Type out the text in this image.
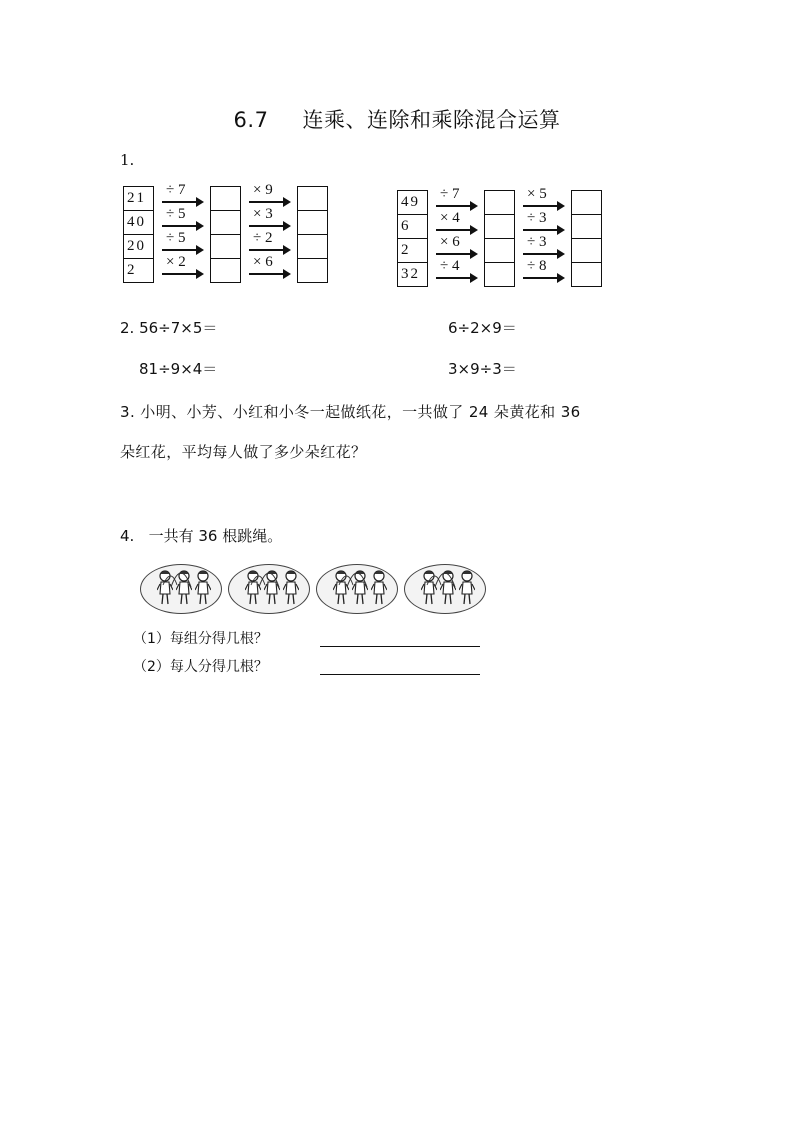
6.7 连乘、连除和乘除混合运算
1.
21	÷ 7	× 9
40	÷ 5	× 3
20	÷ 5	÷ 2
2	× 2	× 6
49	÷ 7	× 5
6	× 4	÷ 3
2	× 6	÷ 3
32	÷ 4	÷ 8
2. 56÷7×5＝	6÷2×9＝
81÷9×4＝	3×9÷3＝
3. 小明、小芳、小红和小冬一起做纸花，一共做了 24 朵黄花和 36
朵红花，平均每人做了多少朵红花？
4. 一共有 36 根跳绳。
（1）每组分得几根？
（2）每人分得几根？
